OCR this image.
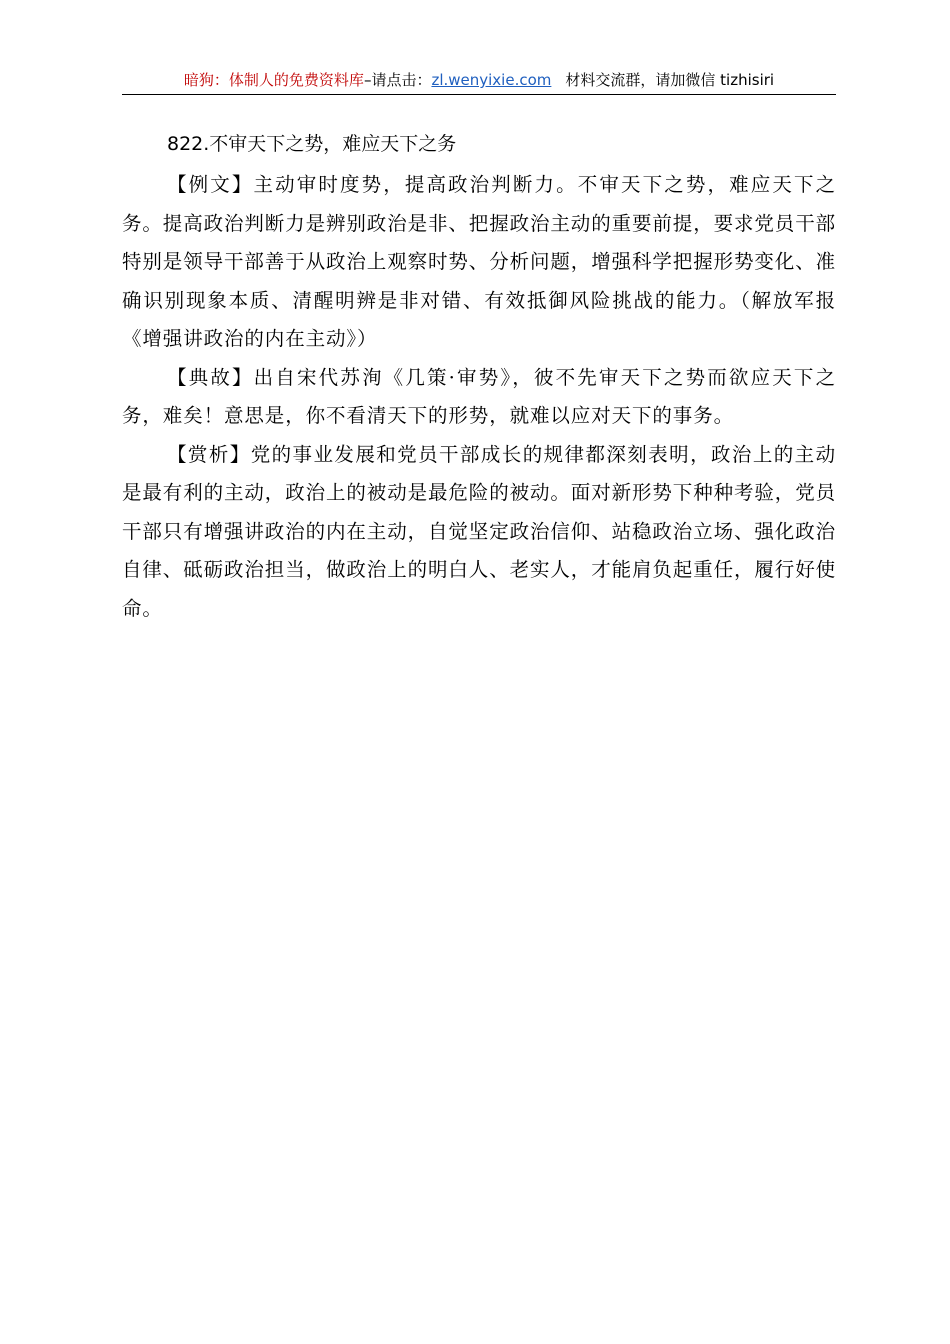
暗狗：体制人的免费资料库–请点击：zl.wenyixie.com 材料交流群，请加微信 tizhisiri
822.不审天下之势，难应天下之务

【例文】主动审时度势，提高政治判断力。不审天下之势，难应天下之务。提高政治判断力是辨别政治是非、把握政治主动的重要前提，要求党员干部特别是领导干部善于从政治上观察时势、分析问题，增强科学把握形势变化、准确识别现象本质、清醒明辨是非对错、有效抵御风险挑战的能力。（解放军报《增强讲政治的内在主动》）

【典故】出自宋代苏洵《几策·审势》，彼不先审天下之势而欲应天下之务，难矣！意思是，你不看清天下的形势，就难以应对天下的事务。

【赏析】党的事业发展和党员干部成长的规律都深刻表明，政治上的主动是最有利的主动，政治上的被动是最危险的被动。面对新形势下种种考验，党员干部只有增强讲政治的内在主动，自觉坚定政治信仰、站稳政治立场、强化政治自律、砥砺政治担当，做政治上的明白人、老实人，才能肩负起重任，履行好使命。
